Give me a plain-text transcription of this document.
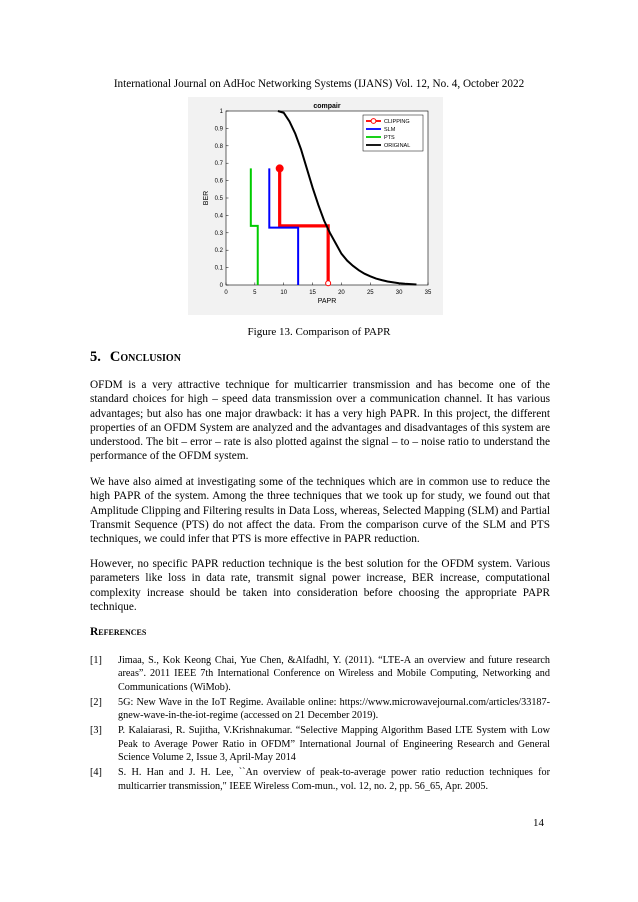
International Journal on AdHoc Networking Systems (IJANS) Vol. 12, No. 4, October 2022
0	5	10	15	20	25	30	35
0
0.1
0.2
0.3
0.4
0.5
0.6
0.7
0.8
0.9
1
compair
PAPR
BER
CLIPPING
SLM
PTS
ORIGINAL
Figure 13. Comparison of PAPR
5. Conclusion

OFDM is a very attractive technique for multicarrier transmission and has become one of the standard choices for high – speed data transmission over a communication channel. It has various advantages; but also has one major drawback: it has a very high PAPR. In this project, the different properties of an OFDM System are analyzed and the advantages and disadvantages of this system are understood. The bit – error – rate is also plotted against the signal – to – noise ratio to understand the performance of the OFDM system.

We have also aimed at investigating some of the techniques which are in common use to reduce the high PAPR of the system. Among the three techniques that we took up for study, we found out that Amplitude Clipping and Filtering results in Data Loss, whereas, Selected Mapping (SLM) and Partial Transmit Sequence (PTS) do not affect the data. From the comparison curve of the SLM and PTS techniques, we could infer that PTS is more effective in PAPR reduction.

However, no specific PAPR reduction technique is the best solution for the OFDM system. Various parameters like loss in data rate, transmit signal power increase, BER increase, computational complexity increase should be taken into consideration before choosing the appropriate PAPR technique.

References
[1] Jimaa, S., Kok Keong Chai, Yue Chen, &Alfadhl, Y. (2011). “LTE-A an overview and future research areas”. 2011 IEEE 7th International Conference on Wireless and Mobile Computing, Networking and Communications (WiMob).
[2] 5G: New Wave in the IoT Regime. Available online: https://www.microwavejournal.com/articles/33187-gnew-wave-in-the-iot-regime (accessed on 21 December 2019).
[3] P. Kalaiarasi, R. Sujitha, V.Krishnakumar. “Selective Mapping Algorithm Based LTE System with Low Peak to Average Power Ratio in OFDM” International Journal of Engineering Research and General Science Volume 2, Issue 3, April-May 2014
[4] S. H. Han and J. H. Lee, ``An overview of peak-to-average power ratio reduction techniques for multicarrier transmission," IEEE Wireless Com-mun., vol. 12, no. 2, pp. 56_65, Apr. 2005.
14
